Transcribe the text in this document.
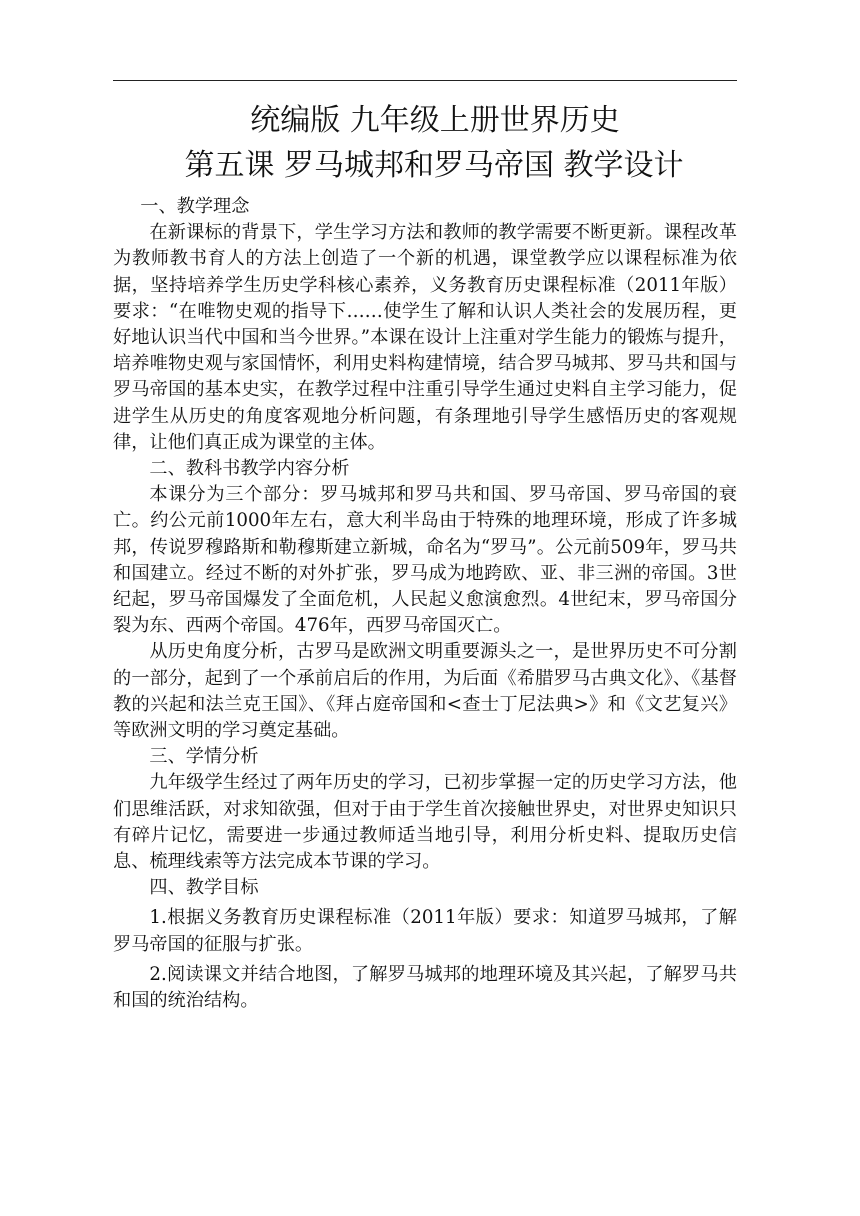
统编版 九年级上册世界历史
第五课 罗马城邦和罗马帝国 教学设计

一、教学理念

在新课标的背景下，学生学习方法和教师的教学需要不断更新。课程改革为教师教书育人的方法上创造了一个新的机遇，课堂教学应以课程标准为依据，坚持培养学生历史学科核心素养，义务教育历史课程标准（2011年版）要求：“在唯物史观的指导下……使学生了解和认识人类社会的发展历程，更好地认识当代中国和当今世界。”本课在设计上注重对学生能力的锻炼与提升，培养唯物史观与家国情怀，利用史料构建情境，结合罗马城邦、罗马共和国与罗马帝国的基本史实，在教学过程中注重引导学生通过史料自主学习能力，促进学生从历史的角度客观地分析问题，有条理地引导学生感悟历史的客观规律，让他们真正成为课堂的主体。

二、教科书教学内容分析

本课分为三个部分：罗马城邦和罗马共和国、罗马帝国、罗马帝国的衰亡。约公元前1000年左右，意大利半岛由于特殊的地理环境，形成了许多城邦，传说罗穆路斯和勒穆斯建立新城，命名为“罗马”。公元前509年，罗马共和国建立。经过不断的对外扩张，罗马成为地跨欧、亚、非三洲的帝国。3世纪起，罗马帝国爆发了全面危机，人民起义愈演愈烈。4世纪末，罗马帝国分裂为东、西两个帝国。476年，西罗马帝国灭亡。

从历史角度分析，古罗马是欧洲文明重要源头之一，是世界历史不可分割的一部分，起到了一个承前启后的作用，为后面《希腊罗马古典文化》、《基督教的兴起和法兰克王国》、《拜占庭帝国和<查士丁尼法典>》和《文艺复兴》等欧洲文明的学习奠定基础。

三、学情分析

九年级学生经过了两年历史的学习，已初步掌握一定的历史学习方法，他们思维活跃，对求知欲强，但对于由于学生首次接触世界史，对世界史知识只有碎片记忆，需要进一步通过教师适当地引导，利用分析史料、提取历史信息、梳理线索等方法完成本节课的学习。

四、教学目标

1.根据义务教育历史课程标准（2011年版）要求：知道罗马城邦，了解罗马帝国的征服与扩张。

2.阅读课文并结合地图，了解罗马城邦的地理环境及其兴起，了解罗马共和国的统治结构。
